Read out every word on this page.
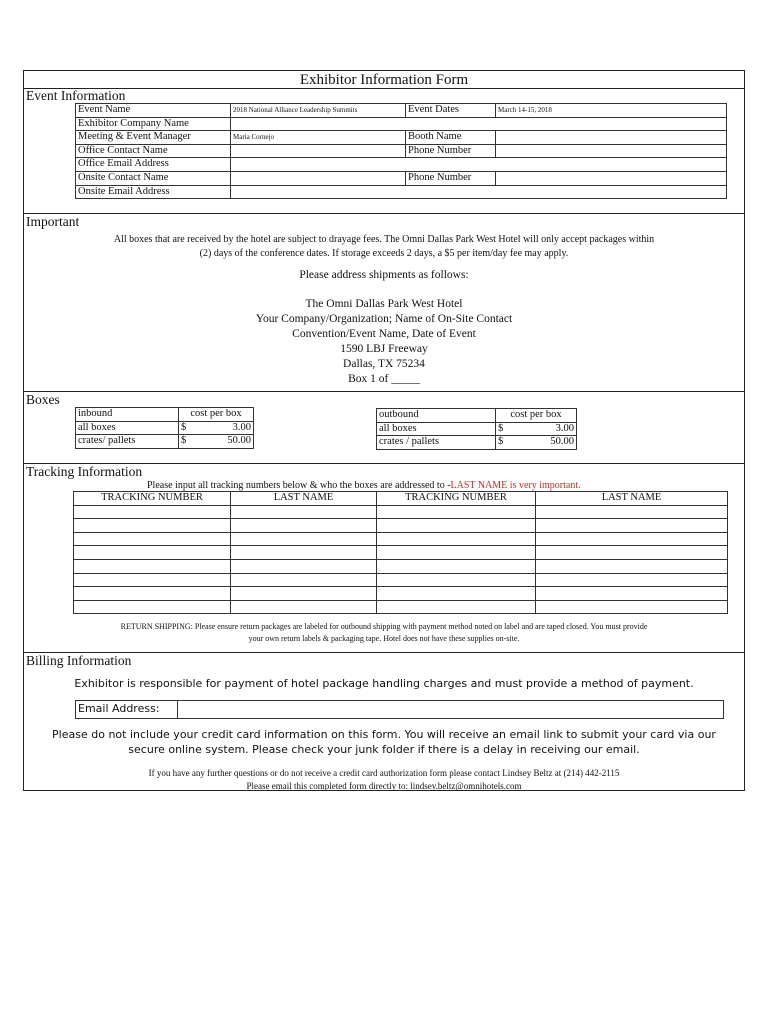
Exhibitor Information Form
Event Information
Event Name	2018 National Alliance Leadership Summits	Event Dates	March 14-15, 2018
Exhibitor Company Name			
Meeting & Event Manager	Maria Cornejo	Booth Name	
Office Contact Name		Phone Number	
Office Email Address			
Onsite Contact Name		Phone Number	
Onsite Email Address			
Important
All boxes that are received by the hotel are subject to drayage fees. The Omni Dallas Park West Hotel will only accept packages within
(2) days of the conference dates. If storage exceeds 2 days, a $5 per item/day fee may apply.
Please address shipments as follows:
The Omni Dallas Park West Hotel
Your Company/Organization; Name of On-Site Contact
Convention/Event Name, Date of Event
1590 LBJ Freeway
Dallas, TX 75234
Box 1 of _____
Boxes
inbound	cost per box	
all boxes	$	3.00
crates/ pallets	$	50.00
outbound	cost per box	
all boxes	$	3.00
crates / pallets	$	50.00
Tracking Information
Please input all tracking numbers below & who the boxes are addressed to -LAST NAME is very important.
TRACKING NUMBER	LAST NAME	TRACKING NUMBER	LAST NAME

RETURN SHIPPING: Please ensure return packages are labeled for outbound shipping with payment method noted on label and are taped closed. You must provide
your own return labels & packaging tape. Hotel does not have these supplies on-site.
Billing Information
Exhibitor is responsible for payment of hotel package handling charges and must provide a method of payment.
Email Address:	
Please do not include your credit card information on this form. You will receive an email link to submit your card via our
secure online system. Please check your junk folder if there is a delay in receiving our email.
If you have any further questions or do not receive a credit card authorization form please contact Lindsey Beltz at (214) 442-2115
Please email this completed form directly to: lindsey.beltz@omnihotels.com
